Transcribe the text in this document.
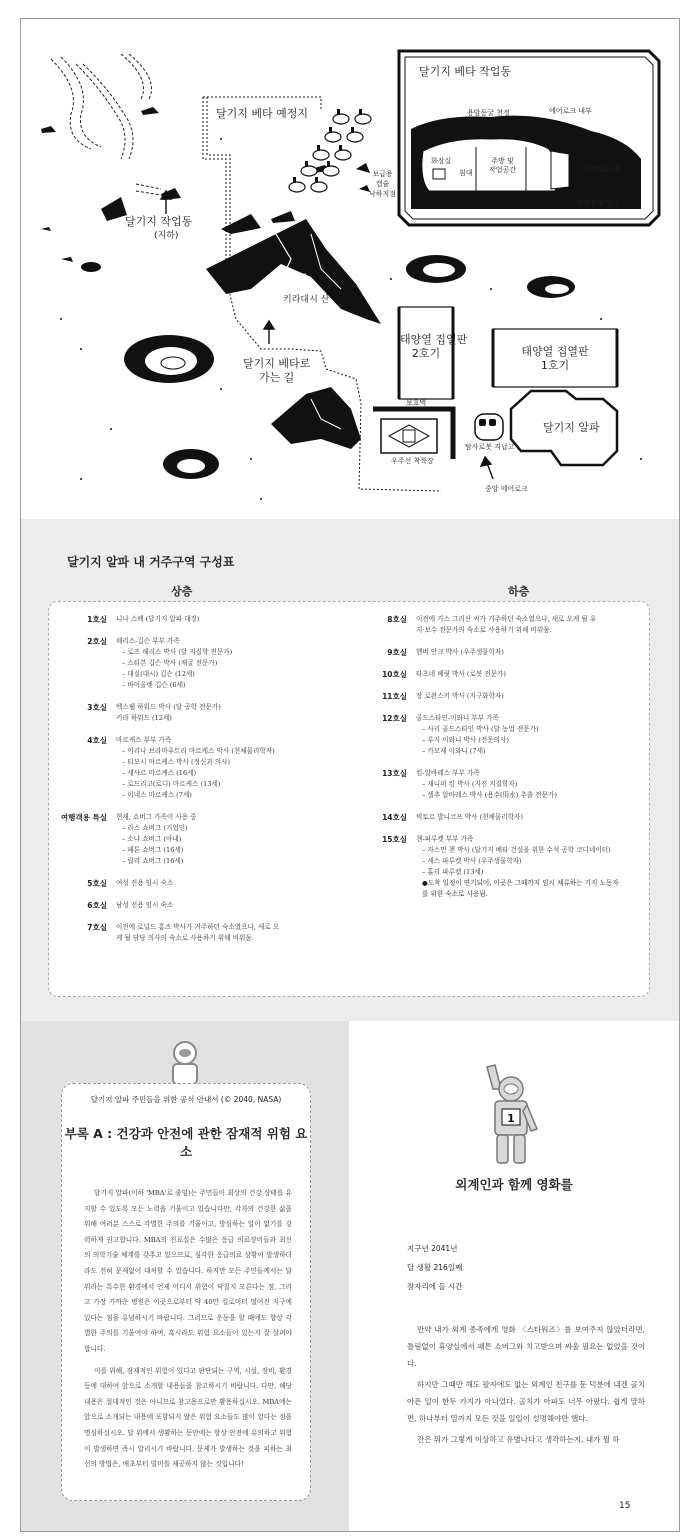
달기지 베타 작업동
용암동굴 천정	에어로크 내부
에어로크 문
용암동굴 입구
화장실
침대
주방 및
작업공간
달기지 베타 예정지
보급용
캡슐
낙하지점
달기지 작업동
(지하)
키라대시 산
달기지 베타로
가는 길
태양열 집열판
2호기	태양열 집열판
1호기
보호벽
우주선 착륙장
탐사로봇 격납고
달기지 알파
중앙 에어로크
달기지 알파 내 거주구역 구성표
상층	하층
1호실	니나 스팩 (달기지 알파 대장)
2호실	해리스-깁슨 부부 가족
– 로즈 해리스 박사 (달 지질학 전문가)
– 스티븐 깁슨 박사 (채굴 전문가)
– 대실(대시) 깁슨 (12세)
– 바이올렛 깁슨 (6세)
3호실	벡스웰 하워드 박사 (달 공학 전문가)
키라 하워드 (12세)
4호실	마르케스 부부 가족
– 이리나 브라마푸트라 마르케스 박사 (천체물리학자)
– 티모시 마르케스 박사 (정신과 의사)
– 세사르 마르케스 (16세)
– 로드리고(로디) 마르케스 (13세)
– 이네스 마르케스 (7세)
여행객용 특실	현재, 쇼버그 가족이 사용 중
– 라스 쇼버그 (기업인)
– 소냐 쇼버그 (아내)
– 패튼 쇼버그 (16세)
– 릴리 쇼버그 (16세)
5호실	여성 전용 임시 숙소
6호실	남성 전용 임시 숙소
7호실	이전에 로널드 홈즈 박사가 거주하던 숙소였으나, 새로 오
게 될 담당 의사의 숙소로 사용하기 위해 비워둠.
8호실	이전에 가스 그리산 씨가 거주하던 숙소였으나, 새로 오게 될 유
지·보수 전문가의 숙소로 사용하기 위해 비워둠.
9호실	헨버 안크 박사 (우주생물학자)
10호실	타츠네 베릿 박사 (로봇 전문가)
11호실	장 로완스키 박사 (지구화학자)
12호실	골드스타인-이와니 부부 가족
– 사리 골드스타인 박사 (달 농업 전문가)
– 루지 이와니 박사 (전문의사)
– 카모제 이와니 (7세)
13호실	킴-알바레스 부부 가족
– 재니퍼 킴 박사 (지진 지질학자)
– 셀추 알바레스 박사 (용수(用水) 추출 전문가)
14호실	빅토르 발니코프 박사 (천체물리학자)
15호실	첸-파루켓 부부 가족
– 자스민 첸 박사 (달기지 베타 건설을 위한 수석 공학 코디네이터)
– 세스 파루켓 박사 (우주생물학자)
– 홀리 파루켓 (13세)
●도착 일정이 연기되어, 이곳은 그때까지 임시 체류하는 기지 노동자
를 위한 숙소로 사용됨.
달기지 알파 주민들을 위한 공식 안내서 (© 2040, NASA)
부록 A : 건강과 안전에 관한 잠재적 위험 요소

달기지 알파(이하 'MBA'로 줄임)는 주민들이 최상의 건강 상태를 유지할 수 있도록 모든 노력을 기울이고 있습니다만, 각자의 건강한 삶을 위해 여러분 스스로 각별한 주의를 기울이고, 방심하는 일이 없기를 강력하게 권고합니다. MBA의 진료실은 수많은 응급 의료장비들과 최신의 의학기술 체계를 갖추고 있으므로, 심각한 응급의료 상황이 발생하더라도 전혀 문제없이 대처할 수 있습니다. 하지만 모든 주민들께서는 달 위라는 특수한 환경에서 언제 어디서 위험이 닥칠지 모른다는 점, 그리고 가장 가까운 병원은 이곳으로부터 약 40만 킬로미터 떨어진 지구에 있다는 점을 유념하시기 바랍니다. 그러므로 운동을 할 때에도 항상 각별한 주의를 기울여야 하며, 혹시라도 위험 요소들이 있는지 잘 살펴야 합니다.

이를 위해, 잠재적인 위험이 있다고 판단되는 구역, 시설, 장비, 환경 등에 대하여 앞으로 소개할 내용들을 참고하시기 바랍니다. 다만, 해당 내용은 절대적인 것은 아니므로 참고용으로만 활용하십시오. MBA에는 앞으로 소개되는 내용에 포함되지 않은 위험 요소들도 많이 있다는 점을 명심하십시오. 달 위에서 생활하는 동안에는 항상 안전에 유의하고 위험이 발생하면 즉시 알리시기 바랍니다. 문제가 발생하는 것을 피하는 최선의 방법은, 애초부터 빌미를 제공하지 않는 것입니다!

1
외계인과 함께 영화를
지구년 2041년
달 생활 216일째
잠자리에 들 시간

만약 내가 외계 종족에게 영화 〈스타워즈〉를 보여주지 않았더라면, 틀림없이 휴양실에서 패튼 쇼버그와 치고받으며 싸울 필요는 없었을 것이다.

하지만 그때만 해도 팔자에도 없는 외계인 친구를 둔 덕분에 내겐 골치 아픈 일이 한두 가지가 아니었다. 골치가 아파도 너무 아팠다. 쉽게 말하면, 하나부터 열까지 모든 것을 일일이 설명해야만 했다.

잔은 뭐가 그렇게 이상하고 유별나다고 생각하는지, 내가 뭘 하

15
